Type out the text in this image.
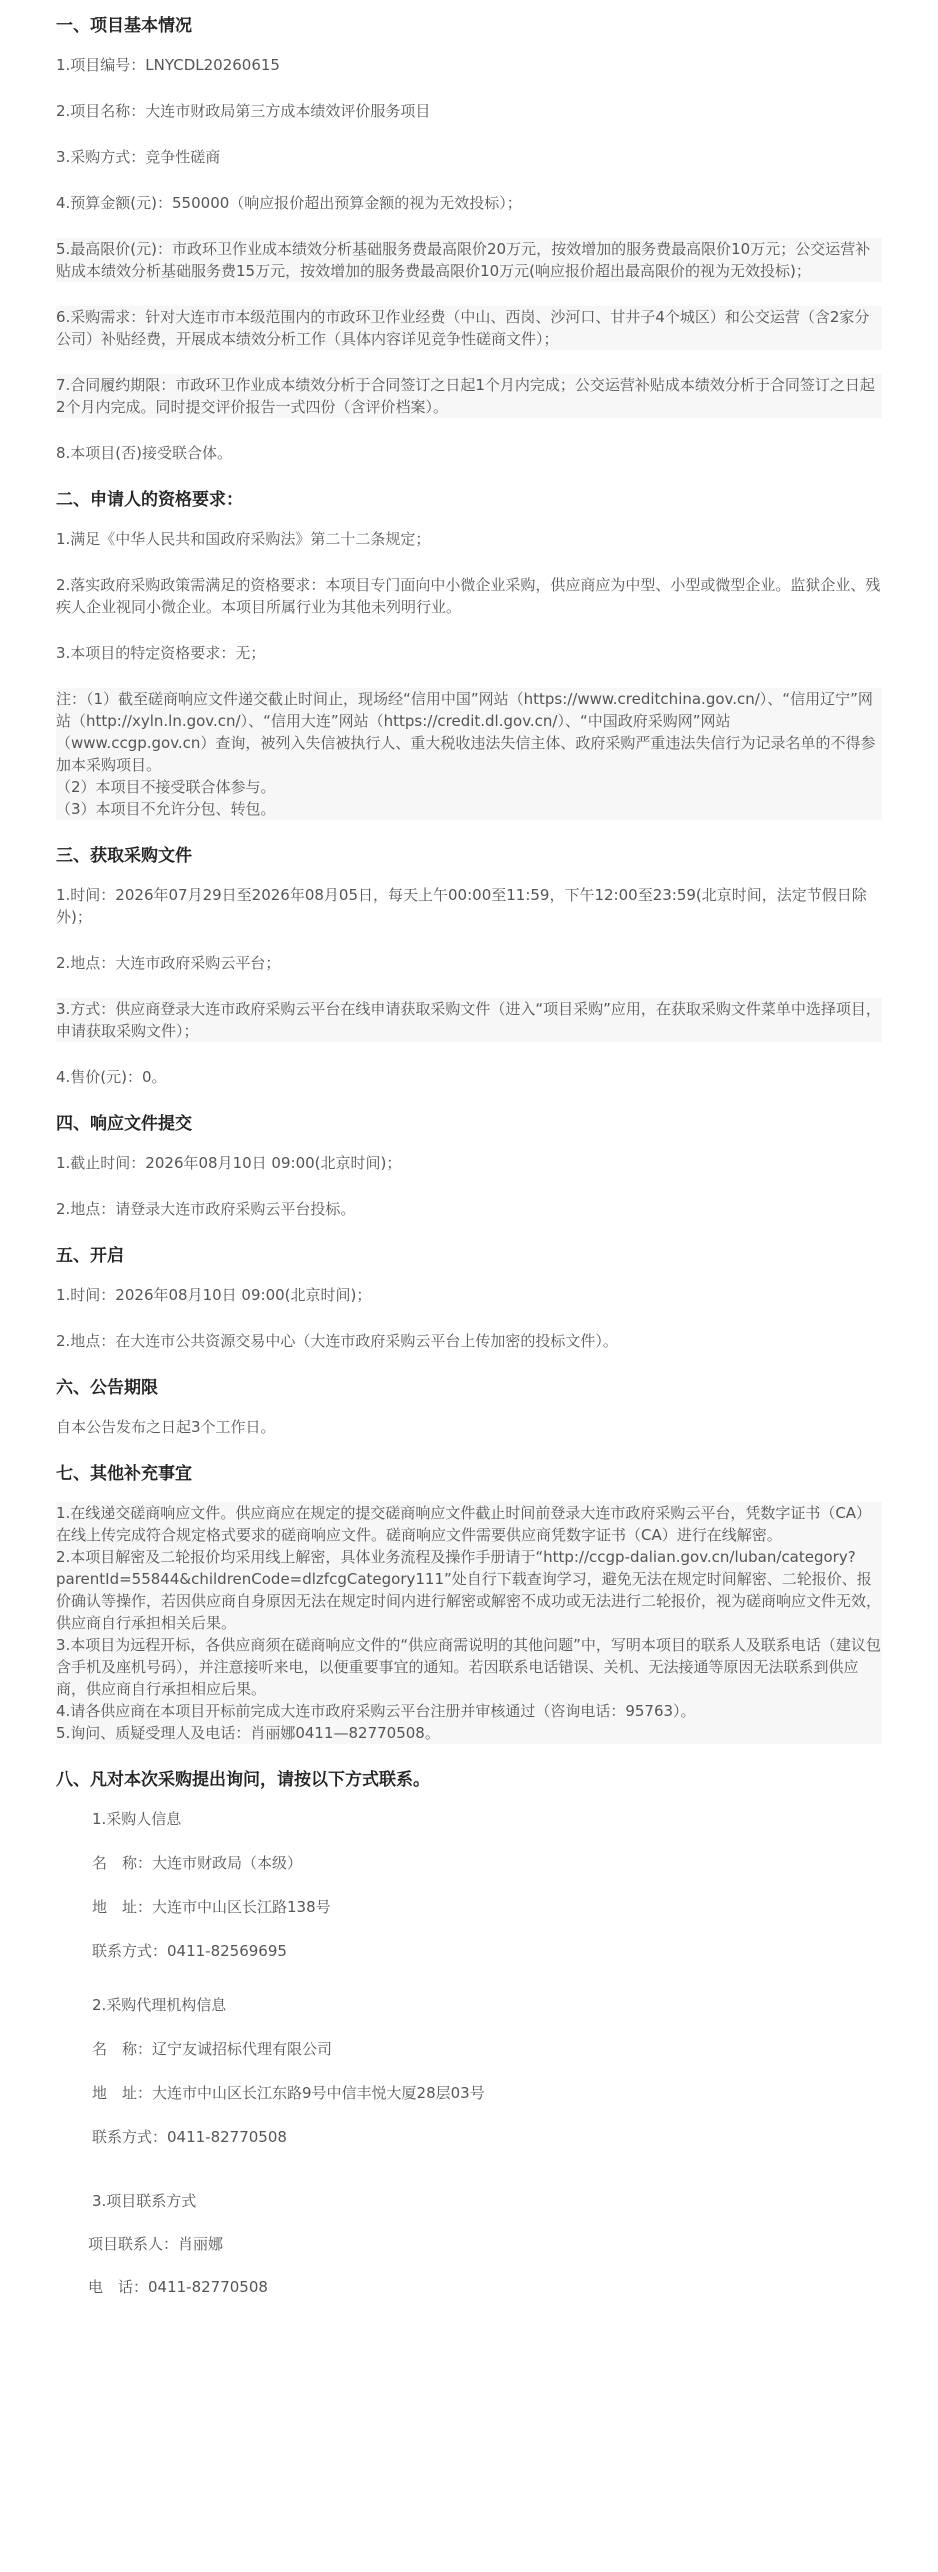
一、项目基本情况
1.项目编号：LNYCDL20260615
2.项目名称：大连市财政局第三方成本绩效评价服务项目
3.采购方式：竞争性磋商
4.预算金额(元)：550000（响应报价超出预算金额的视为无效投标）；
5.最高限价(元)：市政环卫作业成本绩效分析基础服务费最高限价20万元，按效增加的服务费最高限价10万元；公交运营补贴成本绩效分析基础服务费15万元，按效增加的服务费最高限价10万元(响应报价超出最高限价的视为无效投标)；
6.采购需求：针对大连市市本级范围内的市政环卫作业经费（中山、西岗、沙河口、甘井子4个城区）和公交运营（含2家分公司）补贴经费，开展成本绩效分析工作（具体内容详见竞争性磋商文件）；
7.合同履约期限：市政环卫作业成本绩效分析于合同签订之日起1个月内完成；公交运营补贴成本绩效分析于合同签订之日起2个月内完成。同时提交评价报告一式四份（含评价档案）。
8.本项目(否)接受联合体。
二、申请人的资格要求：
1.满足《中华人民共和国政府采购法》第二十二条规定；
2.落实政府采购政策需满足的资格要求：本项目专门面向中小微企业采购，供应商应为中型、小型或微型企业。监狱企业、残疾人企业视同小微企业。本项目所属行业为其他未列明行业。
3.本项目的特定资格要求：无；
注：（1）截至磋商响应文件递交截止时间止，现场经“信用中国”网站（https://www.creditchina.gov.cn/）、“信用辽宁”网站（http://xyln.ln.gov.cn/）、“信用大连”网站（https://credit.dl.gov.cn/）、“中国政府采购网”网站（www.ccgp.gov.cn）查询，被列入失信被执行人、重大税收违法失信主体、政府采购严重违法失信行为记录名单的不得参加本采购项目。
（2）本项目不接受联合体参与。
（3）本项目不允许分包、转包。
三、获取采购文件
1.时间：2026年07月29日至2026年08月05日，每天上午00:00至11:59，下午12:00至23:59(北京时间，法定节假日除外)；
2.地点：大连市政府采购云平台；
3.方式：供应商登录大连市政府采购云平台在线申请获取采购文件（进入“项目采购”应用，在获取采购文件菜单中选择项目，申请获取采购文件）；
4.售价(元)：0。
四、响应文件提交
1.截止时间：2026年08月10日 09:00(北京时间)；
2.地点：请登录大连市政府采购云平台投标。
五、开启
1.时间：2026年08月10日 09:00(北京时间)；
2.地点：在大连市公共资源交易中心（大连市政府采购云平台上传加密的投标文件）。
六、公告期限
自本公告发布之日起3个工作日。
七、其他补充事宜
1.在线递交磋商响应文件。供应商应在规定的提交磋商响应文件截止时间前登录大连市政府采购云平台，凭数字证书（CA）在线上传完成符合规定格式要求的磋商响应文件。磋商响应文件需要供应商凭数字证书（CA）进行在线解密。
2.本项目解密及二轮报价均采用线上解密，具体业务流程及操作手册请于“http://ccgp-dalian.gov.cn/luban/category?parentId=55844&childrenCode=dlzfcgCategory111”处自行下载查询学习，避免无法在规定时间解密、二轮报价、报价确认等操作，若因供应商自身原因无法在规定时间内进行解密或解密不成功或无法进行二轮报价，视为磋商响应文件无效，供应商自行承担相关后果。
3.本项目为远程开标，各供应商须在磋商响应文件的“供应商需说明的其他问题”中，写明本项目的联系人及联系电话（建议包含手机及座机号码），并注意接听来电，以便重要事宜的通知。若因联系电话错误、关机、无法接通等原因无法联系到供应商，供应商自行承担相应后果。
4.请各供应商在本项目开标前完成大连市政府采购云平台注册并审核通过（咨询电话：95763）。
5.询问、质疑受理人及电话：肖丽娜0411—82770508。
八、凡对本次采购提出询问，请按以下方式联系。
1.采购人信息
名　称：大连市财政局（本级）
地　址：大连市中山区长江路138号
联系方式：0411-82569695
2.采购代理机构信息
名　称：辽宁友诚招标代理有限公司
地　址：大连市中山区长江东路9号中信丰悦大厦28层03号
联系方式：0411-82770508
3.项目联系方式
项目联系人：肖丽娜
电　话：0411-82770508
